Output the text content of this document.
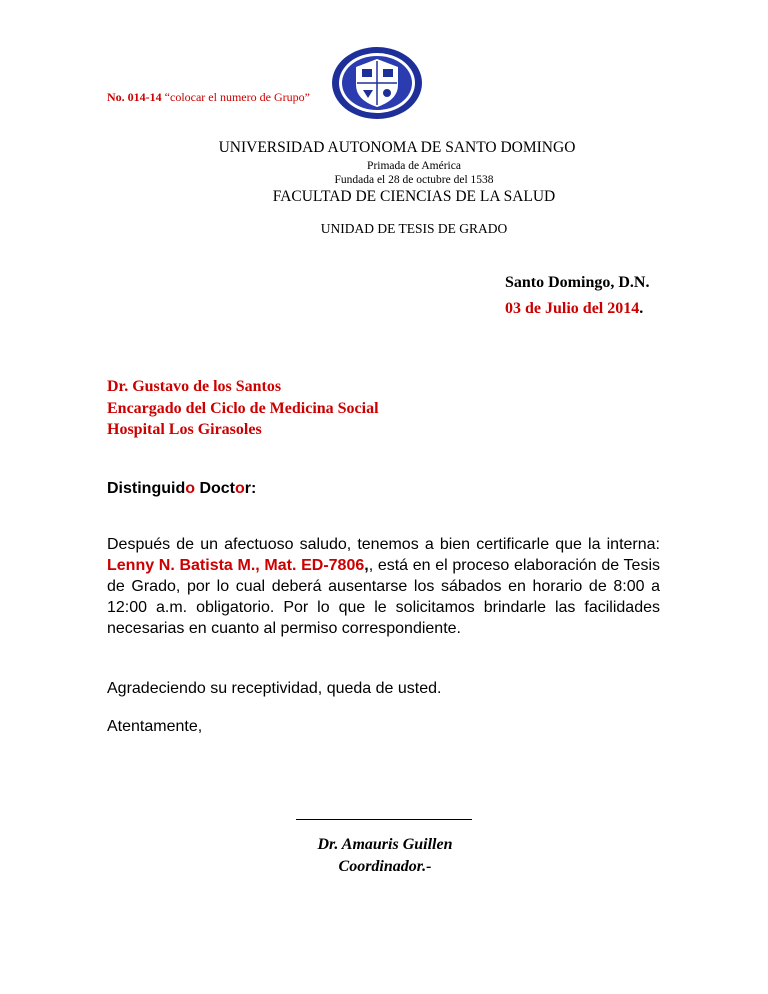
No. 014-14 “colocar el numero de Grupo”
UNIVERSIDAD AUTONOMA DE SANTO DOMINGO
Primada de América
Fundada el 28 de octubre del 1538
FACULTAD DE CIENCIAS DE LA SALUD
UNIDAD DE TESIS DE GRADO
Santo Domingo, D.N.
03 de Julio del 2014.
Dr. Gustavo de los Santos
Encargado del Ciclo de Medicina Social
Hospital Los Girasoles
Distinguido Doctor:
Después de un afectuoso saludo, tenemos a bien certificarle que la interna: Lenny N. Batista M., Mat. ED-7806,, está en el proceso elaboración de Tesis de Grado, por lo cual deberá ausentarse los sábados en horario de 8:00 a 12:00 a.m. obligatorio. Por lo que le solicitamos brindarle las facilidades necesarias en cuanto al permiso correspondiente.
Agradeciendo su receptividad, queda de usted.
Atentamente,
Dr. Amauris Guillen
Coordinador.-
